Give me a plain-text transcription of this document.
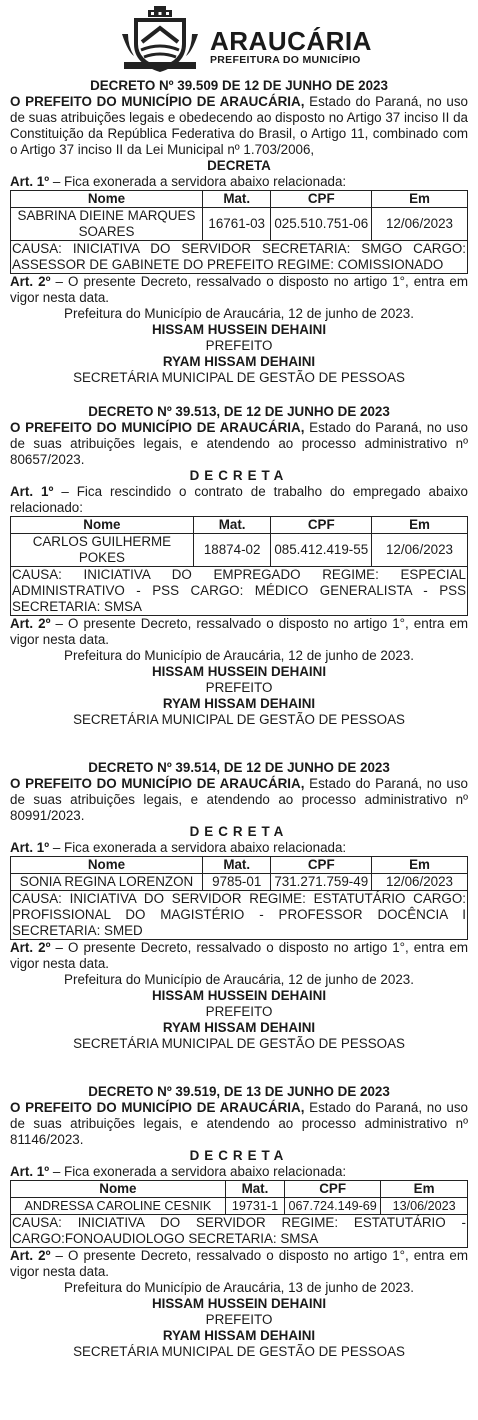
ARAUCÁRIA
PREFEITURA DO MUNICÍPIO
DECRETO Nº 39.509 DE 12 DE JUNHO DE 2023
O PREFEITO DO MUNICÍPIO DE ARAUCÁRIA, Estado do Paraná, no uso de suas atribuições legais e obedecendo ao disposto no Artigo 37 inciso II da Constituição da República Federativa do Brasil, o Artigo 11, combinado com o Artigo 37 inciso II da Lei Municipal nº 1.703/2006,
DECRETA
Art. 1º – Fica exonerada a servidora abaixo relacionada:
Nome	Mat.	CPF	Em
SABRINA DIEINE MARQUES SOARES	16761-03	025.510.751-06	12/06/2023
CAUSA: INICIATIVA DO SERVIDOR SECRETARIA: SMGO CARGO: ASSESSOR DE GABINETE DO PREFEITO REGIME: COMISSIONADO
Art. 2º – O presente Decreto, ressalvado o disposto no artigo 1°, entra em vigor nesta data.
Prefeitura do Município de Araucária, 12 de junho de 2023.
HISSAM HUSSEIN DEHAINI
PREFEITO
RYAM HISSAM DEHAINI
SECRETÁRIA MUNICIPAL DE GESTÃO DE PESSOAS
DECRETO Nº 39.513, DE 12 DE JUNHO DE 2023
O PREFEITO DO MUNICÍPIO DE ARAUCÁRIA, Estado do Paraná, no uso de suas atribuições legais, e atendendo ao processo administrativo nº 80657/2023.
DECRETA
Art. 1º – Fica rescindido o contrato de trabalho do empregado abaixo relacionado:
Nome	Mat.	CPF	Em
CARLOS GUILHERME POKES	18874-02	085.412.419-55	12/06/2023
CAUSA: INICIATIVA DO EMPREGADO REGIME: ESPECIAL ADMINISTRATIVO - PSS CARGO: MÉDICO GENERALISTA - PSS SECRETARIA: SMSA
Art. 2º – O presente Decreto, ressalvado o disposto no artigo 1°, entra em vigor nesta data.
Prefeitura do Município de Araucária, 12 de junho de 2023.
HISSAM HUSSEIN DEHAINI
PREFEITO
RYAM HISSAM DEHAINI
SECRETÁRIA MUNICIPAL DE GESTÃO DE PESSOAS
DECRETO Nº 39.514, DE 12 DE JUNHO DE 2023
O PREFEITO DO MUNICÍPIO DE ARAUCÁRIA, Estado do Paraná, no uso de suas atribuições legais, e atendendo ao processo administrativo nº 80991/2023.
DECRETA
Art. 1º – Fica exonerada a servidora abaixo relacionada:
Nome	Mat.	CPF	Em
SONIA REGINA LORENZON	9785-01	731.271.759-49	12/06/2023
CAUSA: INICIATIVA DO SERVIDOR REGIME: ESTATUTÁRIO CARGO: PROFISSIONAL DO MAGISTÉRIO - PROFESSOR DOCÊNCIA I SECRETARIA: SMED
Art. 2º – O presente Decreto, ressalvado o disposto no artigo 1°, entra em vigor nesta data.
Prefeitura do Município de Araucária, 12 de junho de 2023.
HISSAM HUSSEIN DEHAINI
PREFEITO
RYAM HISSAM DEHAINI
SECRETÁRIA MUNICIPAL DE GESTÃO DE PESSOAS
DECRETO Nº 39.519, DE 13 DE JUNHO DE 2023
O PREFEITO DO MUNICÍPIO DE ARAUCÁRIA, Estado do Paraná, no uso de suas atribuições legais, e atendendo ao processo administrativo nº 81146/2023.
DECRETA
Art. 1º – Fica exonerada a servidora abaixo relacionada:
Nome	Mat.	CPF	Em
ANDRESSA CAROLINE CESNIK	19731-1	067.724.149-69	13/06/2023
CAUSA: INICIATIVA DO SERVIDOR REGIME: ESTATUTÁRIO - CARGO:FONOAUDIOLOGO SECRETARIA: SMSA
Art. 2º – O presente Decreto, ressalvado o disposto no artigo 1°, entra em vigor nesta data.
Prefeitura do Município de Araucária, 13 de junho de 2023.
HISSAM HUSSEIN DEHAINI
PREFEITO
RYAM HISSAM DEHAINI
SECRETÁRIA MUNICIPAL DE GESTÃO DE PESSOAS
